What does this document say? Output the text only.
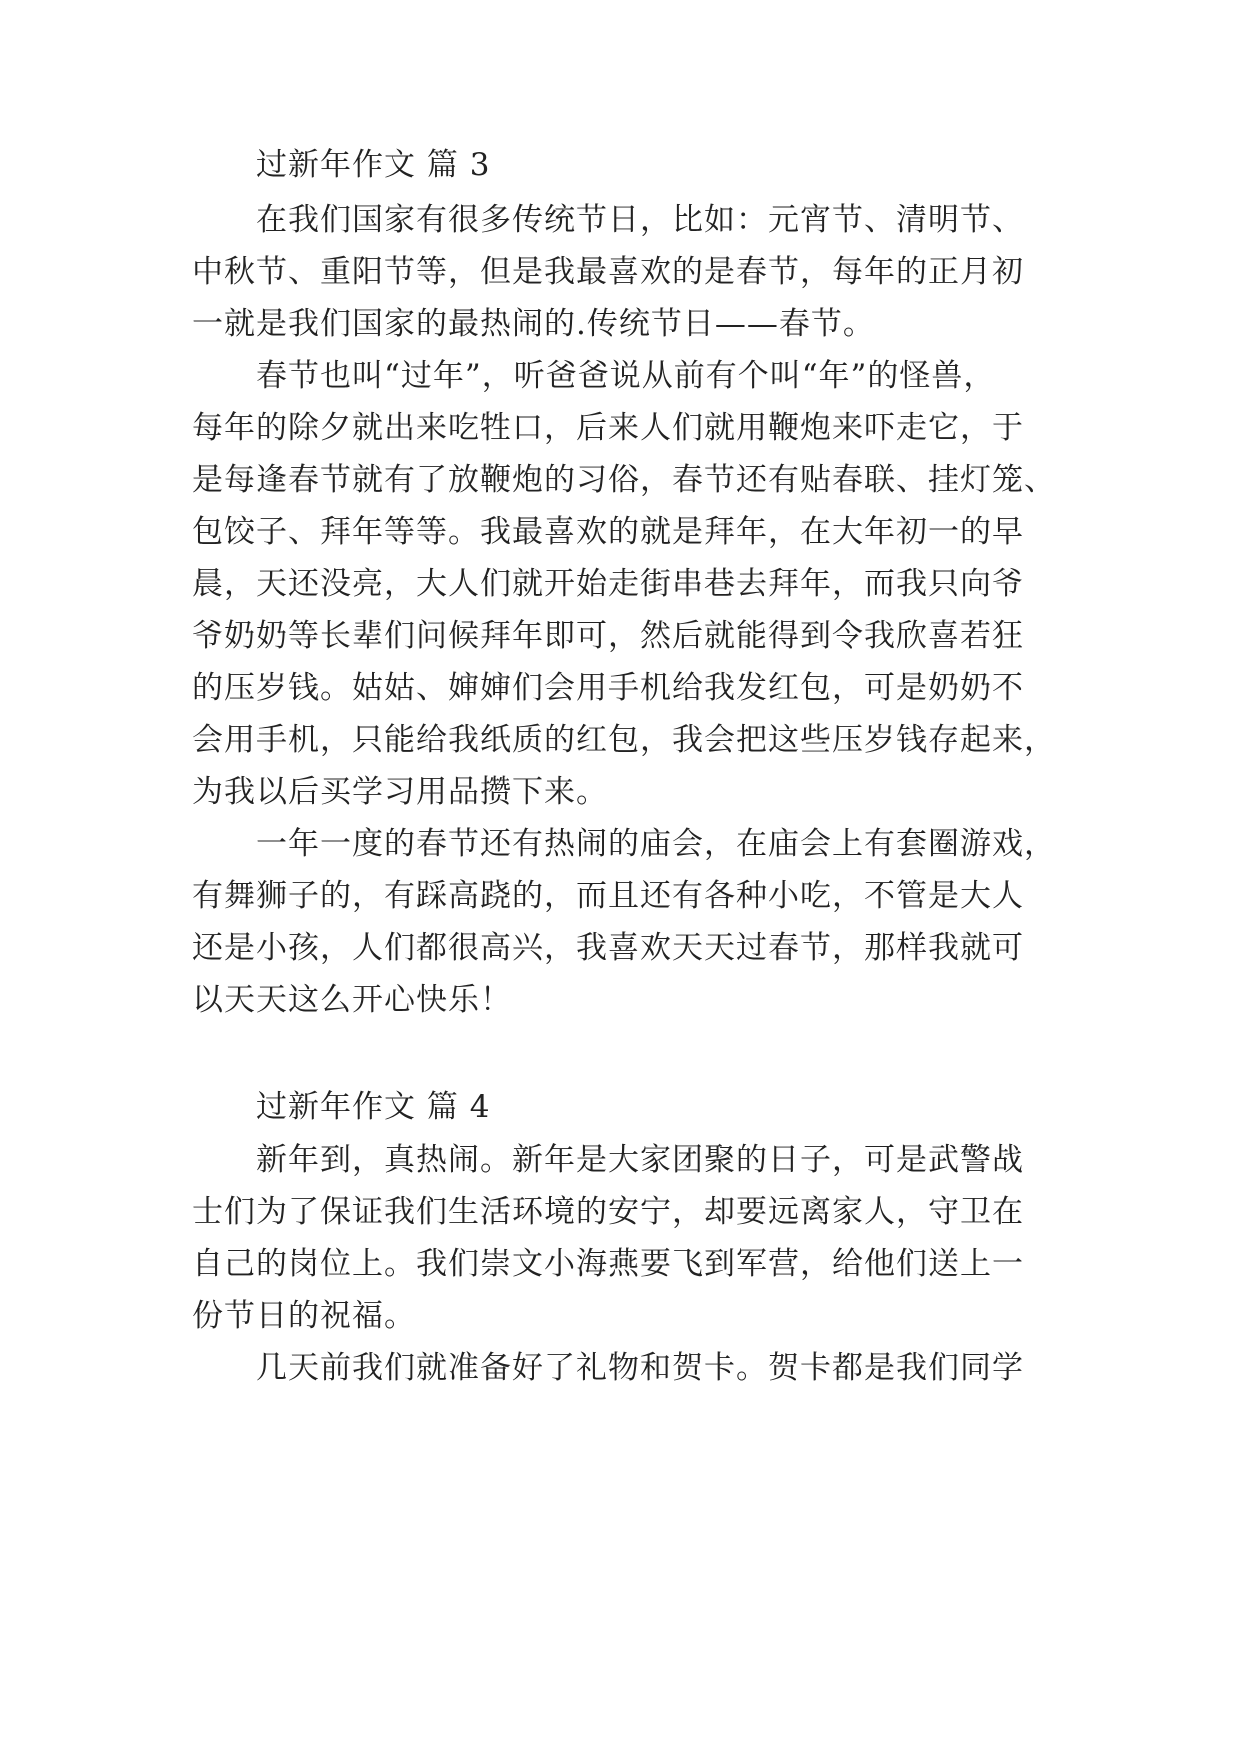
过新年作文 篇 3
在我们国家有很多传统节日，比如：元宵节、清明节、
中秋节、重阳节等，但是我最喜欢的是春节，每年的正月初
一就是我们国家的最热闹的.传统节日——春节。
春节也叫“过年”，听爸爸说从前有个叫“年”的怪兽，
每年的除夕就出来吃牲口，后来人们就用鞭炮来吓走它，于
是每逢春节就有了放鞭炮的习俗，春节还有贴春联、挂灯笼、
包饺子、拜年等等。我最喜欢的就是拜年，在大年初一的早
晨，天还没亮，大人们就开始走街串巷去拜年，而我只向爷
爷奶奶等长辈们问候拜年即可，然后就能得到令我欣喜若狂
的压岁钱。姑姑、婶婶们会用手机给我发红包，可是奶奶不
会用手机，只能给我纸质的红包，我会把这些压岁钱存起来，
为我以后买学习用品攒下来。
一年一度的春节还有热闹的庙会，在庙会上有套圈游戏，
有舞狮子的，有踩高跷的，而且还有各种小吃，不管是大人
还是小孩，人们都很高兴，我喜欢天天过春节，那样我就可
以天天这么开心快乐！
过新年作文 篇 4
新年到，真热闹。新年是大家团聚的日子，可是武警战
士们为了保证我们生活环境的安宁，却要远离家人，守卫在
自己的岗位上。我们崇文小海燕要飞到军营，给他们送上一
份节日的祝福。
几天前我们就准备好了礼物和贺卡。贺卡都是我们同学
